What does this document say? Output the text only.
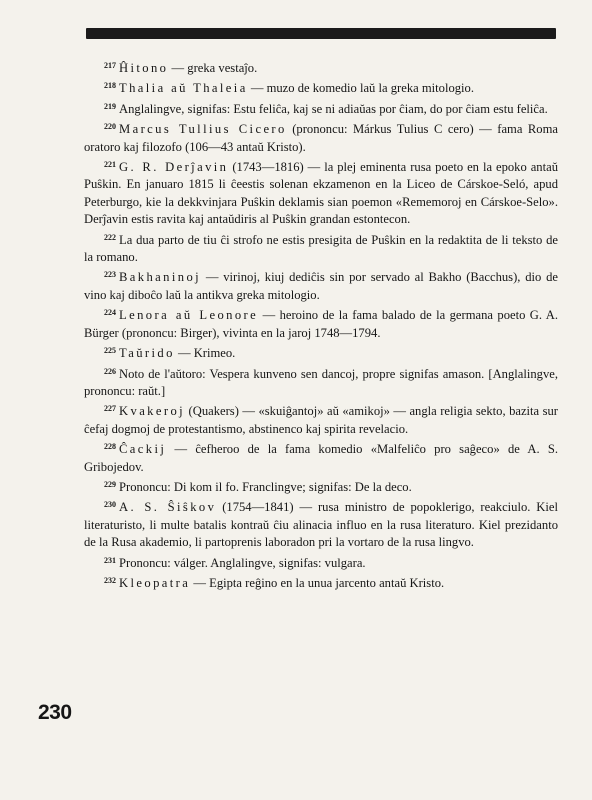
$^{217}$ Ĥitono — greka vestaĵo.

$^{218}$ Thalia aŭ Thaleia — muzo de komedio laŭ la greka mitologio.

$^{219}$ Anglalingve, signifas: Estu feliĉa, kaj se ni adiaŭas por ĉiam, do por ĉiam estu feliĉa.

$^{220}$ Marcus Tullius Cicero (prononcu: Márkus Tulius C cero) — fama Roma oratoro kaj filozofo (106—43 antaŭ Kristo).

$^{221}$ G. R. Derĵavin (1743—1816) — la plej eminenta rusa poeto en la epoko antaŭ Puŝkin. En januaro 1815 li ĉeestis solenan ekzamenon en la Liceo de Cárskoe-Seló, apud Peterburgo, kie la dekkvinjara Puŝkin deklamis sian poemon «Rememoroj en Cárskoe-Selo». Derĵavin estis ravita kaj antaŭdiris al Puŝkin grandan estontecon.

$^{222}$ La dua parto de tiu ĉi strofo ne estis presigita de Puŝkin en la redaktita de li teksto de la romano.

$^{223}$ Bakhaninoj — virinoj, kiuj dediĉis sin por servado al Bakho (Bacchus), dio de vino kaj diboĉo laŭ la antikva greka mitologio.

$^{224}$ Lenora aŭ Leonore — heroino de la fama balado de la germana poeto G. A. Bürger (prononcu: Birger), vivinta en la jaroj 1748—1794.

$^{225}$ Taŭrido — Krimeo.

$^{226}$ Noto de l'aŭtoro: Vespera kunveno sen dancoj, propre signifas amason. [Anglalingve, prononcu: raŭt.]

$^{227}$ Kvakeroj (Quakers) — «skuiĝantoj» aŭ «amikoj» — angla religia sekto, bazita sur ĉefaj dogmoj de protestantismo, abstinenco kaj spirita revelacio.

$^{228}$ Ĉackij — ĉefheroo de la fama komedio «Malfeliĉo pro saĝeco» de A. S. Gribojedov.

$^{229}$ Prononcu: Di kom il fo. Franclingve; signifas: De la deco.

$^{230}$ A. S. Ŝiŝkov (1754—1841) — rusa ministro de popoklerigo, reakciulo. Kiel literaturisto, li multe batalis kontraŭ ĉiu alinacia influo en la rusa literaturo. Kiel prezidanto de la Rusa akademio, li partoprenis laboradon pri la vortaro de la rusa lingvo.

$^{231}$ Prononcu: válger. Anglalingve, signifas: vulgara.

$^{232}$ Kleopatra — Egipta reĝino en la unua jarcento antaŭ Kristo.

230
